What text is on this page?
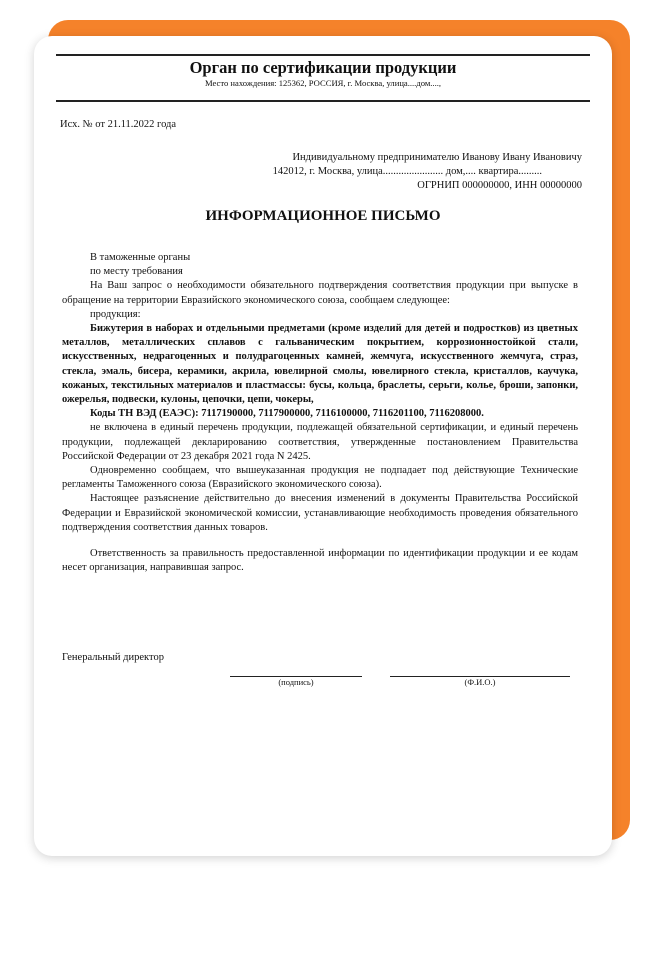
Орган по сертификации продукции
Место нахождения: 125362, РОССИЯ, г. Москва, улица....дом....,
Исх. № от 21.11.2022 года
Индивидуальному предпринимателю Иванову Ивану Ивановичу
142012, г. Москва, улица....................... дом,.... квартира.........
ОГРНИП 000000000, ИНН 00000000
ИНФОРМАЦИОННОЕ ПИСЬМО

В таможенные органы

по месту требования

На Ваш запрос о необходимости обязательного подтверждения соответствия продукции при выпуске в обращение на территории Евразийского экономического союза, сообщаем следующее:

продукция:

Бижутерия в наборах и отдельными предметами (кроме изделий для детей и подростков) из цветных металлов, металлических сплавов с гальваническим покрытием, коррозионностойкой стали, искусственных, недрагоценных и полудрагоценных камней, жемчуга, искусственного жемчуга, страз, стекла, эмаль, бисера, керамики, акрила, ювелирной смолы, ювелирного стекла, кристаллов, каучука, кожаных, текстильных материалов и пластмассы: бусы, кольца, браслеты, серьги, колье, броши, запонки, ожерелья, подвески, кулоны, цепочки, цепи, чокеры,

Коды ТН ВЭД (ЕАЭС): 7117190000, 7117900000, 7116100000, 7116201100, 7116208000.

не включена в единый перечень продукции, подлежащей обязательной сертификации, и единый перечень продукции, подлежащей декларированию соответствия, утвержденные постановлением Правительства Российской Федерации от 23 декабря 2021 года N 2425.

Одновременно сообщаем, что вышеуказанная продукция не подпадает под действующие Технические регламенты Таможенного союза (Евразийского экономического союза).

Настоящее разъяснение действительно до внесения изменений в документы Правительства Российской Федерации и Евразийской экономической комиссии, устанавливающие необходимость проведения обязательного подтверждения соответствия данных товаров.

Ответственность за правильность предоставленной информации по идентификации продукции и ее кодам несет организация, направившая запрос.

Генеральный директор
(подпись)	(Ф.И.О.)
